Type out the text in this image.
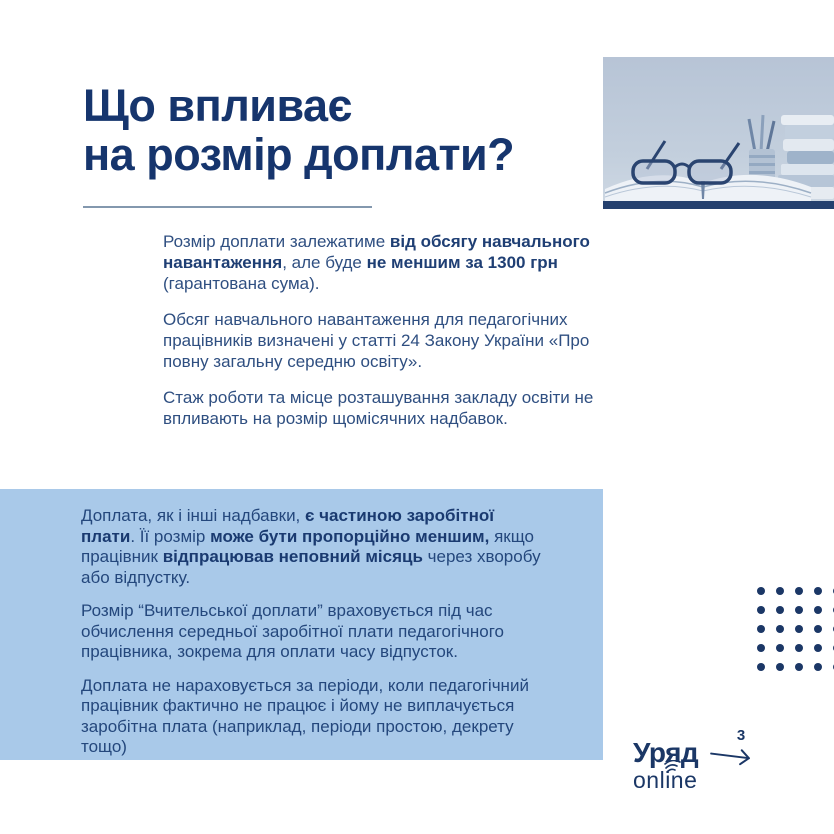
Що впливає
на розмір доплати?

Розмір доплати залежатиме від обсягу навчального навантаження, але буде не меншим за 1300 грн (гарантована сума).

Обсяг навчального навантаження для педагогічних працівників визначені у статті 24 Закону України «Про повну загальну середню освіту».

Стаж роботи та місце розташування закладу освіти не впливають на розмір щомісячних надбавок.

Доплата, як і інші надбавки, є частиною заробітної плати. Її розмір може бути пропорційно меншим, якщо працівник відпрацював неповний місяць через хворобу або відпустку.

Розмір “Вчительської доплати” враховується під час обчислення середньої заробітної плати педагогічного працівника, зокрема для оплати часу відпусток.

Доплата не нараховується за періоди, коли педагогічний працівник фактично не працює і йому не виплачується заробітна плата (наприклад, періоди простою, декрету тощо)	Уряд
online
3
